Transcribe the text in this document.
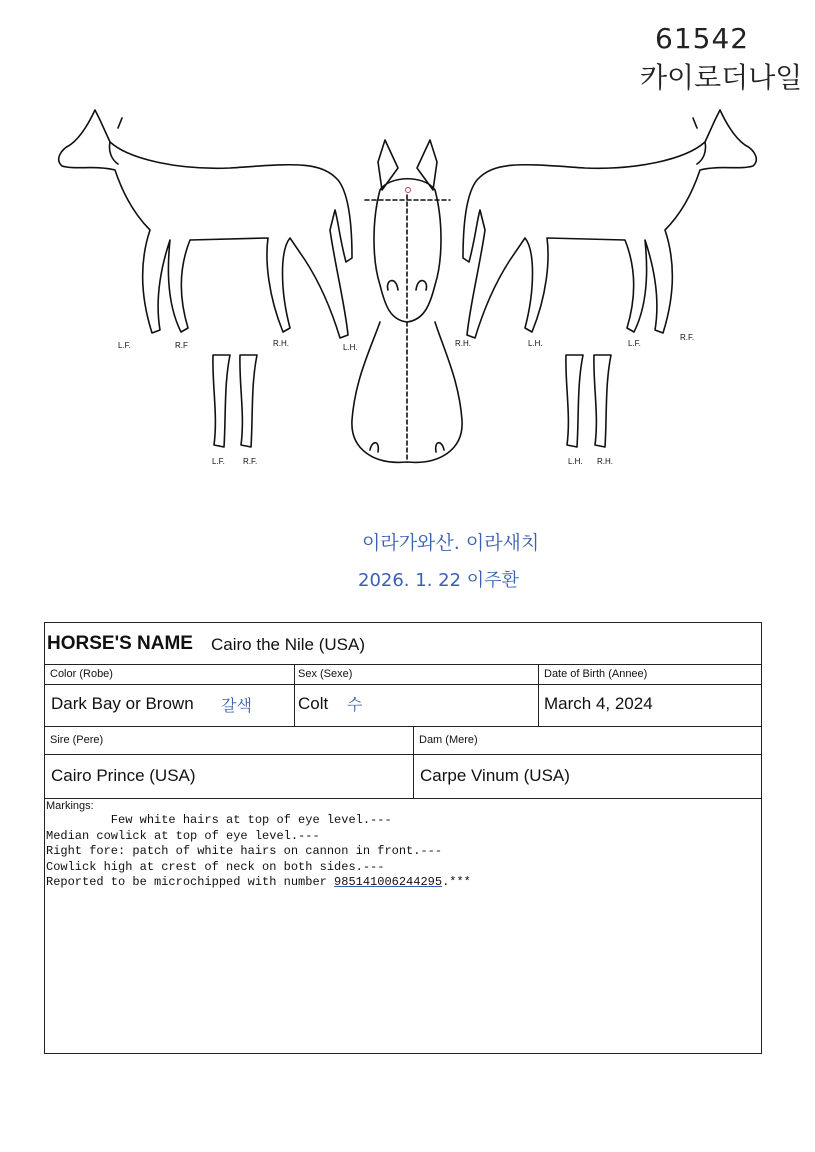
61542
카이로더나일
L.F.	R.F	R.H.	L.H.	R.H.	L.H.	L.F.
R.F.
L.F. R.F.	L.H. R.H.
이라가와산. 이라새치
2026. 1. 22 이주환
HORSE'S NAME Cairo the Nile (USA)
Color (Robe)
Dark Bay or Brown 갈색
Sex (Sexe)
Colt 수
Date of Birth (Annee)
March 4, 2024
Sire (Pere)
Cairo Prince (USA)
Dam (Mere)
Carpe Vinum (USA)
Markings:
Few white hairs at top of eye level.---
Median cowlick at top of eye level.---
Right fore: patch of white hairs on cannon in front.---
Cowlick high at crest of neck on both sides.---
Reported to be microchipped with number 985141006244295.***
